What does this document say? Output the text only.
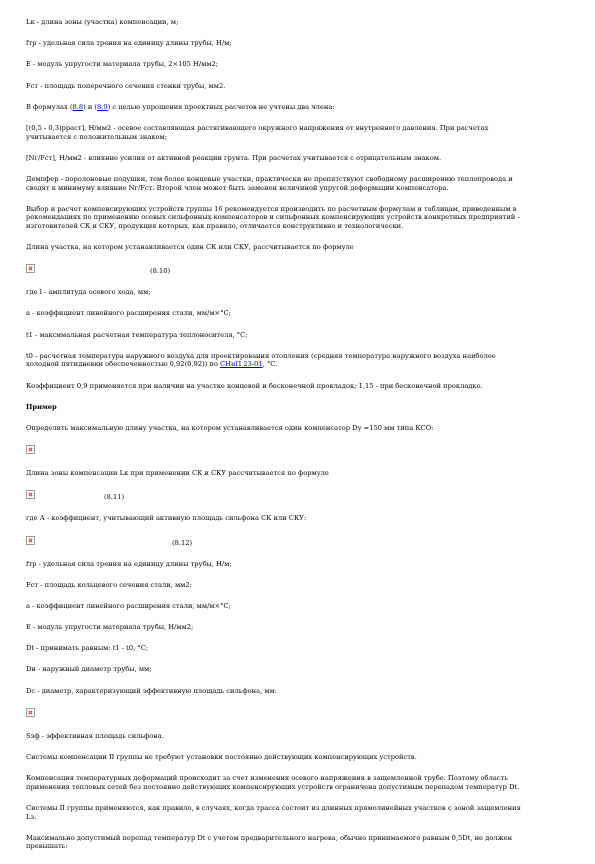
Lк - длина зоны (участка) компенсации, м;

fтр - удельная сила трения на единицу длины трубы, Н/м;

Е - модуль упругости материала трубы, 2×105 Н/мм2;

Fст - площадь поперечного сечения стенки трубы, мм2.

В формулах (8.8) и (8.9) с целью упрощения проектных расчетов не учтены два члена:

[(0,5 - 0,3)pраст], Н/мм2 - осевое составляющая растягивающего окружного напряжения от внутреннего давления. При расчетах
учитывается с положительным знаком;

[Nг/Fст], Н/мм2 - влияние усилия от активной реакции грунта. При расчетах учитывается с отрицательным знаком.

Демпфер - поролоновые подушки, тем более концевые участки, практически не препятствуют свободному расширению теплопровода и
сводят к минимуму влияние Nг/Fст. Второй член может быть заменен величиной упругой деформации компенсатора.

Выбор и расчет компенсирующих устройств группы 16 рекомендуется производить по расчетным формулам и таблицам, приведенным в
рекомендациях по применению осевых сильфонных компенсаторов и сильфонных компенсирующих устройств конкретных предприятий -
изготовителей СК и СКУ, продукция которых, как правило, отличается конструктивно и технологически.

Длина участка, на котором устанавливается один СК или СКУ, рассчитывается по формуле

(8.10)

где l - амплитуда осевого хода, мм;

a - коэффициент линейного расширения стали, мм/м×°С;

t1 - максимальная расчетная температура теплоносителя, °С;

t0 - расчетная температура наружного воздуха для проектирования отопления (средняя температура наружного воздуха наиболее
холодной пятидневки обеспеченностью 0,92(0,92)) по СНиП 23-01, °С.

Коэффициент 0,9 применяется при наличии на участке концевой и бесконечной прокладок; 1,15 - при бесконечной прокладке.

Пример

Определить максимальную длину участка, на котором устанавливается один компенсатор Dу =150 мм типа КСО:

Длина зоны компенсации Lк при применении СК и СКУ рассчитывается по формуле

(8.11)

где А - коэффициент, учитывающий активную площадь сильфона СК или СКУ:

(8.12)

fтр - удельная сила трения на единицу длины трубы, Н/м;

Fст - площадь кольцевого сечения стали, мм2;

a - коэффициент линейного расширения стали, мм/м×°С;

Е - модуль упругости материала трубы, Н/мм2;

Dt - принимать равным: t1 - t0, °С;

Dн - наружный диаметр трубы, мм;

Dс - диаметр, характеризующий эффективную площадь сильфона, мм:

Sэф - эффективная площадь сильфона.

Системы компенсации II группы не требуют установки постоянно действующих компенсирующих устройств.

Компенсация температурных деформаций происходит за счет изменения осевого напряжения в защемленной трубе. Поэтому область
применения тепловых сетей без постоянно действующих компенсирующих устройств ограничена допустимым перепадом температур Dt.

Системы II группы применяются, как правило, в случаях, когда трасса состоит из длинных прямолинейных участков с зоной защемления
Lз.

Максимально допустимый перепад температур Dt с учетом предварительного нагрева, обычно принимаемого равным 0,5Dt, не должен
превышать:
